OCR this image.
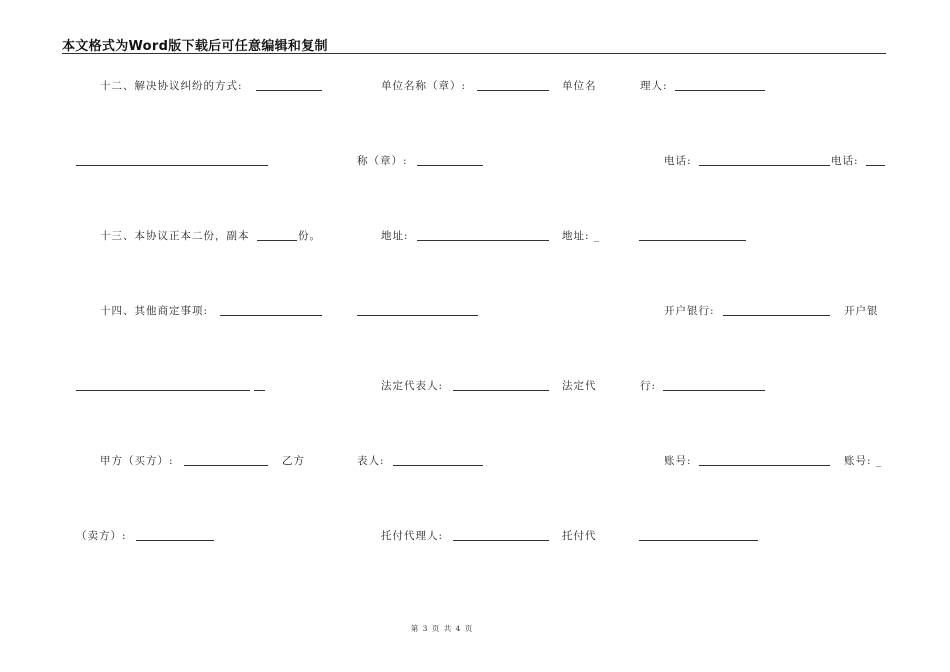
本文格式为Word版下载后可任意编辑和复制
十二、解决协议纠纷的方式:	单位名称（章）:	单位名	理人:
称（章）:	电话:	电话:
十三、本协议正本二份，副本	份。	地址:	地址: _
十四、其他商定事项:	开户银行:	开户银
法定代表人:	法定代	行:
甲方（买方）:	乙方	表人:	账号:	账号: _
（卖方）:	托付代理人:	托付代
第 3 页 共 4 页
